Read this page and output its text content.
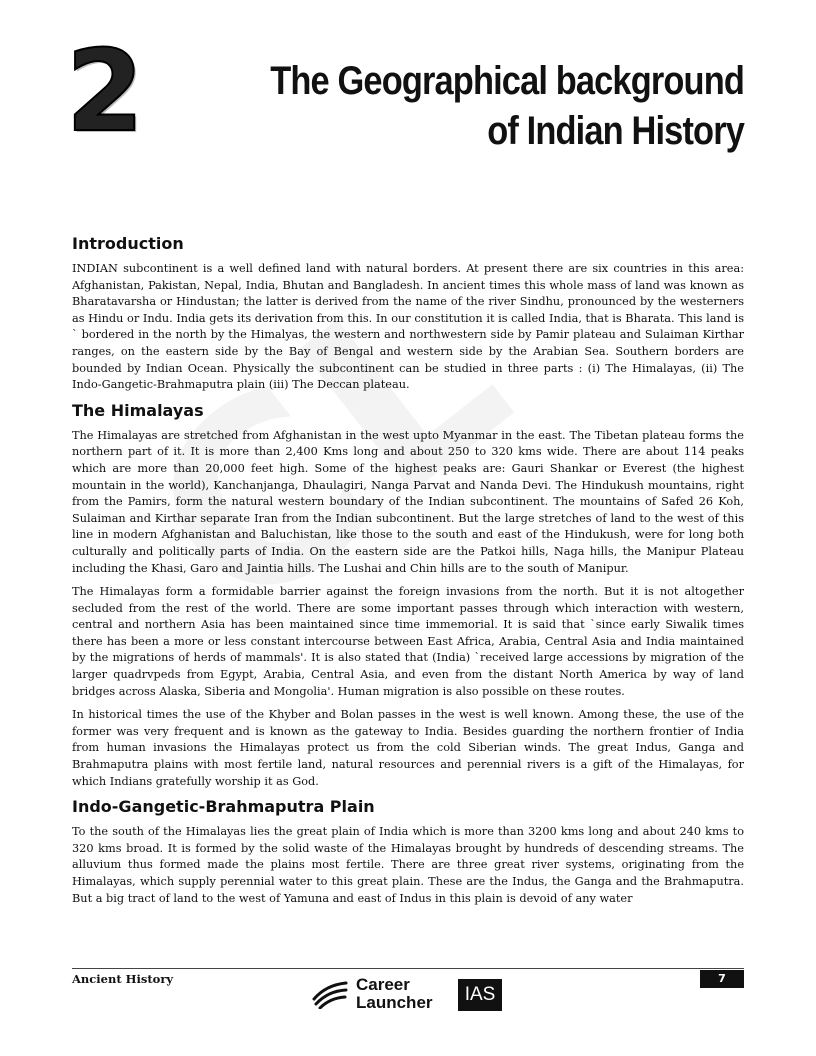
2	The Geographical background
of Indian History
Introduction

INDIAN subcontinent is a well defined land with natural borders. At present there are six countries in this area: Afghanistan, Pakistan, Nepal, India, Bhutan and Bangladesh. In ancient times this whole mass of land was known as Bharatavarsha or Hindustan; the latter is derived from the name of the river Sindhu, pronounced by the westerners as Hindu or Indu. India gets its derivation from this. In our constitution it is called India, that is Bharata. This land is ` bordered in the north by the Himalyas, the western and northwestern side by Pamir plateau and Sulaiman Kirthar ranges, on the eastern side by the Bay of Bengal and western side by the Arabian Sea. Southern borders are bounded by Indian Ocean. Physically the subcontinent can be studied in three parts : (i) The Himalayas, (ii) The Indo-Gangetic-Brahmaputra plain (iii) The Deccan plateau.

The Himalayas

The Himalayas are stretched from Afghanistan in the west upto Myanmar in the east. The Tibetan plateau forms the northern part of it. It is more than 2,400 Kms long and about 250 to 320 kms wide. There are about 114 peaks which are more than 20,000 feet high. Some of the highest peaks are: Gauri Shankar or Everest (the highest mountain in the world), Kanchanjanga, Dhaulagiri, Nanga Parvat and Nanda Devi. The Hindukush mountains, right from the Pamirs, form the natural western boundary of the Indian subcontinent. The mountains of Safed 26 Koh, Sulaiman and Kirthar separate Iran from the Indian subcontinent. But the large stretches of land to the west of this line in modern Afghanistan and Baluchistan, like those to the south and east of the Hindukush, were for long both culturally and politically parts of India. On the eastern side are the Patkoi hills, Naga hills, the Manipur Plateau including the Khasi, Garo and Jaintia hills. The Lushai and Chin hills are to the south of Manipur.

The Himalayas form a formidable barrier against the foreign invasions from the north. But it is not altogether secluded from the rest of the world. There are some important passes through which interaction with western, central and northern Asia has been maintained since time immemorial. It is said that `since early Siwalik times there has been a more or less constant intercourse between East Africa, Arabia, Central Asia and India maintained by the migrations of herds of mammals'. It is also stated that (India) `received large accessions by migration of the larger quadrvpeds from Egypt, Arabia, Central Asia, and even from the distant North America by way of land bridges across Alaska, Siberia and Mongolia'. Human migration is also possible on these routes.

In historical times the use of the Khyber and Bolan passes in the west is well known. Among these, the use of the former was very frequent and is known as the gateway to India. Besides guarding the northern frontier of India from human invasions the Himalayas protect us from the cold Siberian winds. The great Indus, Ganga and Brahmaputra plains with most fertile land, natural resources and perennial rivers is a gift of the Himalayas, for which Indians gratefully worship it as God.

Indo-Gangetic-Brahmaputra Plain

To the south of the Himalayas lies the great plain of India which is more than 3200 kms long and about 240 kms to 320 kms broad. It is formed by the solid waste of the Himalayas brought by hundreds of descending streams. The alluvium thus formed made the plains most fertile. There are three great river systems, originating from the Himalayas, which supply perennial water to this great plain. These are the Indus, the Ganga and the Brahmaputra. But a big tract of land to the west of Yamuna and east of Indus in this plain is devoid of any water

Ancient History	7
Career
Launcher	IAS
